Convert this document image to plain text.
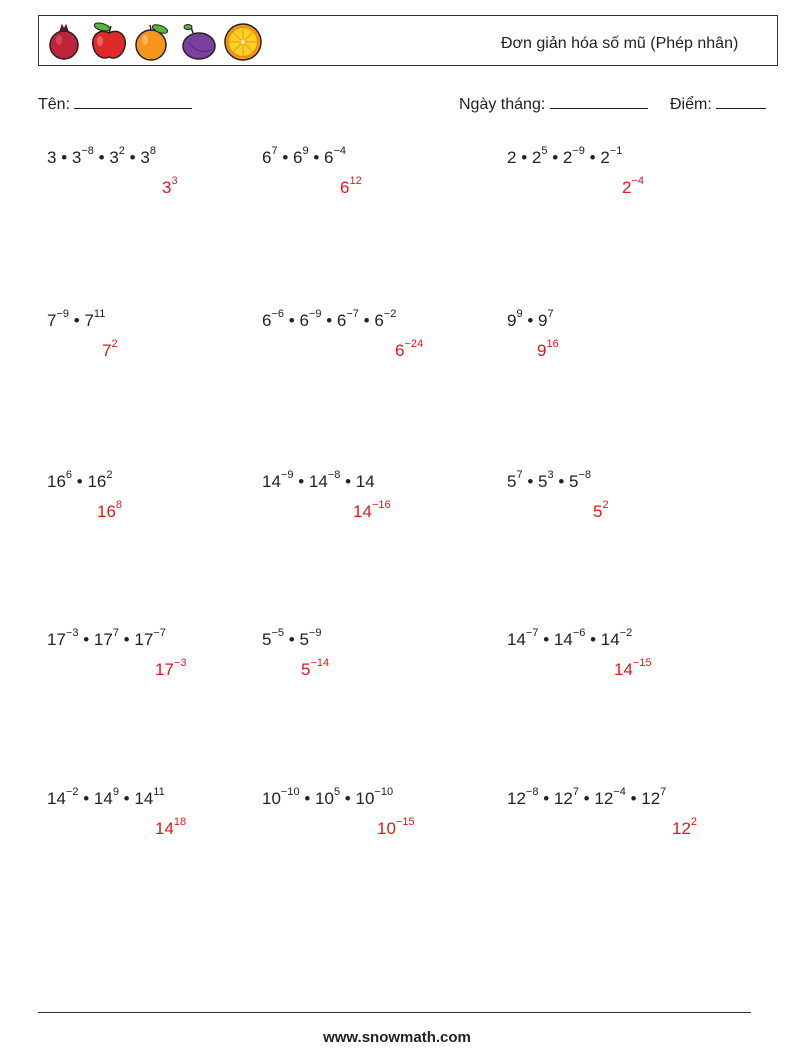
Đơn giản hóa số mũ (Phép nhân)
Tên:	Ngày tháng:	Điểm:
3 • $3^{-8}$ • $3^2$ • $3^8$
$3^3$
$6^7$ • $6^9$ • $6^{-4}$
$6^{12}$
2 • $2^5$ • $2^{-9}$ • $2^{-1}$
$2^{-4}$
$7^{-9}$ • $7^{11}$
$7^2$
$6^{-6}$ • $6^{-9}$ • $6^{-7}$ • $6^{-2}$
$6^{-24}$
$9^9$ • $9^7$
$9^{16}$
$16^6$ • $16^2$
$16^8$
$14^{-9}$ • $14^{-8}$ • 14
$14^{-16}$
$5^7$ • $5^3$ • $5^{-8}$
$5^2$
$17^{-3}$ • $17^7$ • $17^{-7}$
$17^{-3}$
$5^{-5}$ • $5^{-9}$
$5^{-14}$
$14^{-7}$ • $14^{-6}$ • $14^{-2}$
$14^{-15}$
$14^{-2}$ • $14^9$ • $14^{11}$
$14^{18}$
$10^{-10}$ • $10^5$ • $10^{-10}$
$10^{-15}$
$12^{-8}$ • $12^7$ • $12^{-4}$ • $12^7$
$12^2$
www.snowmath.com
